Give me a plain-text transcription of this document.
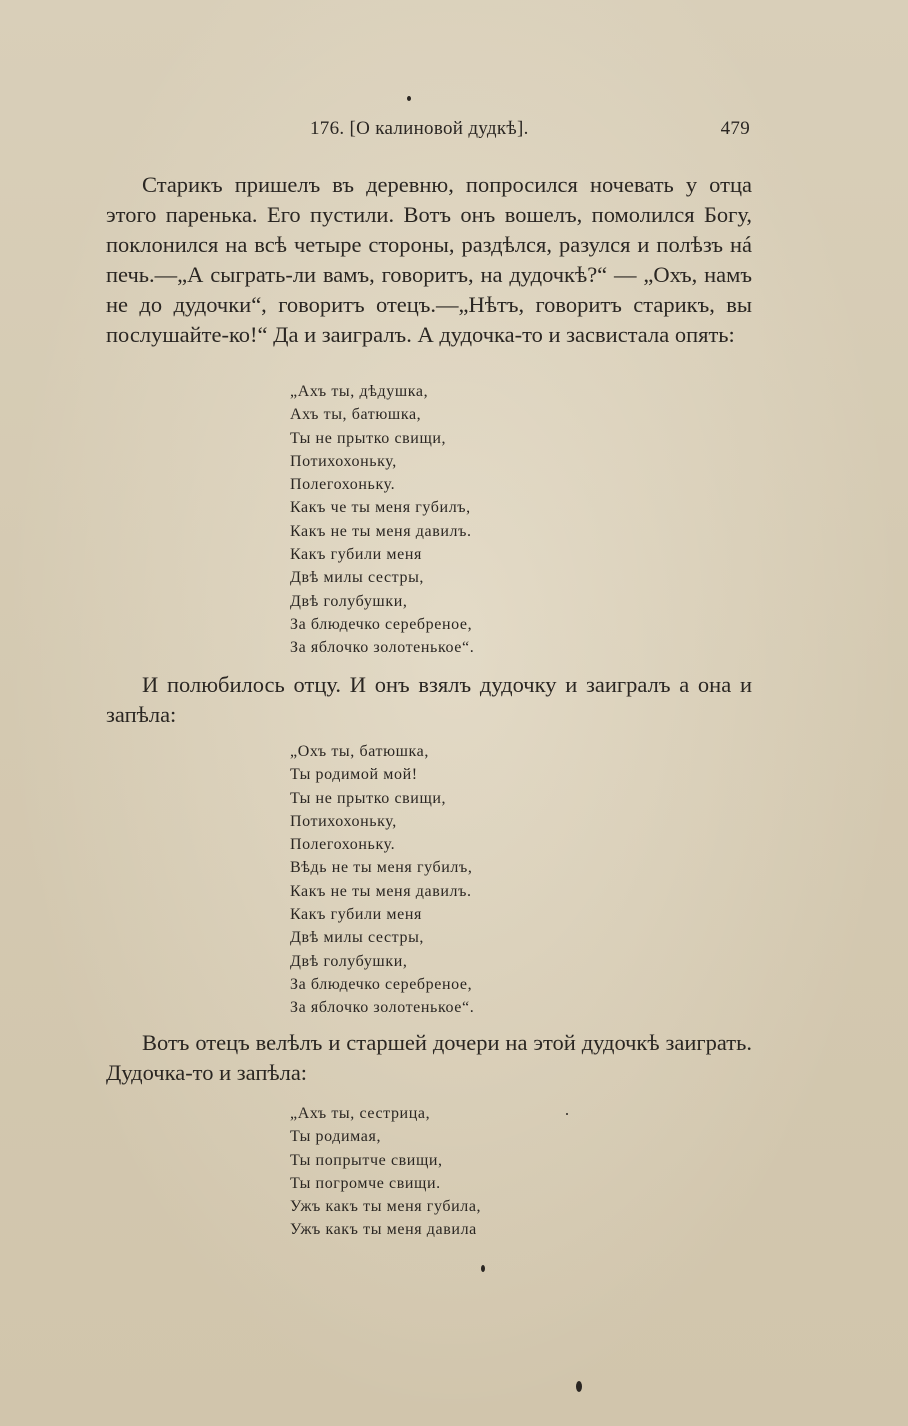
176. [О калиновой дудкѣ].	479
Старикъ пришелъ въ деревню, попросился ночевать у отца этого паренька. Его пустили. Вотъ онъ вошелъ, помолился Богу, поклонился на всѣ четыре стороны, раздѣлся, разулся и полѣзъ нá печь.—„А сыграть-ли вамъ, говоритъ, на дудочкѣ?“ — „Охъ, намъ не до дудочки“, говоритъ отецъ.—„Нѣтъ, говоритъ старикъ, вы послушайте-ко!“ Да и заигралъ. А дудочка-то и засвистала опять:
„Ахъ ты, дѣдушка,
Ахъ ты, батюшка,
Ты не прытко свищи,
Потихохоньку,
Полегохоньку.
Какъ че ты меня губилъ,
Какъ не ты меня давилъ.
Какъ губили меня
Двѣ милы сестры,
Двѣ голубушки,
За блюдечко серебреное,
За яблочко золотенькое“.
И полюбилось отцу. И онъ взялъ дудочку и заигралъ а она и запѣла:
„Охъ ты, батюшка,
Ты родимой мой!
Ты не прытко свищи,
Потихохоньку,
Полегохоньку.
Вѣдь не ты меня губилъ,
Какъ не ты меня давилъ.
Какъ губили меня
Двѣ милы сестры,
Двѣ голубушки,
За блюдечко серебреное,
За яблочко золотенькое“.
Вотъ отецъ велѣлъ и старшей дочери на этой дудочкѣ заиграть. Дудочка-то и запѣла:
„Ахъ ты, сестрица,
Ты родимая,
Ты попрытче свищи,
Ты погромче свищи.
Ужъ какъ ты меня губила,
Ужъ какъ ты меня давила
